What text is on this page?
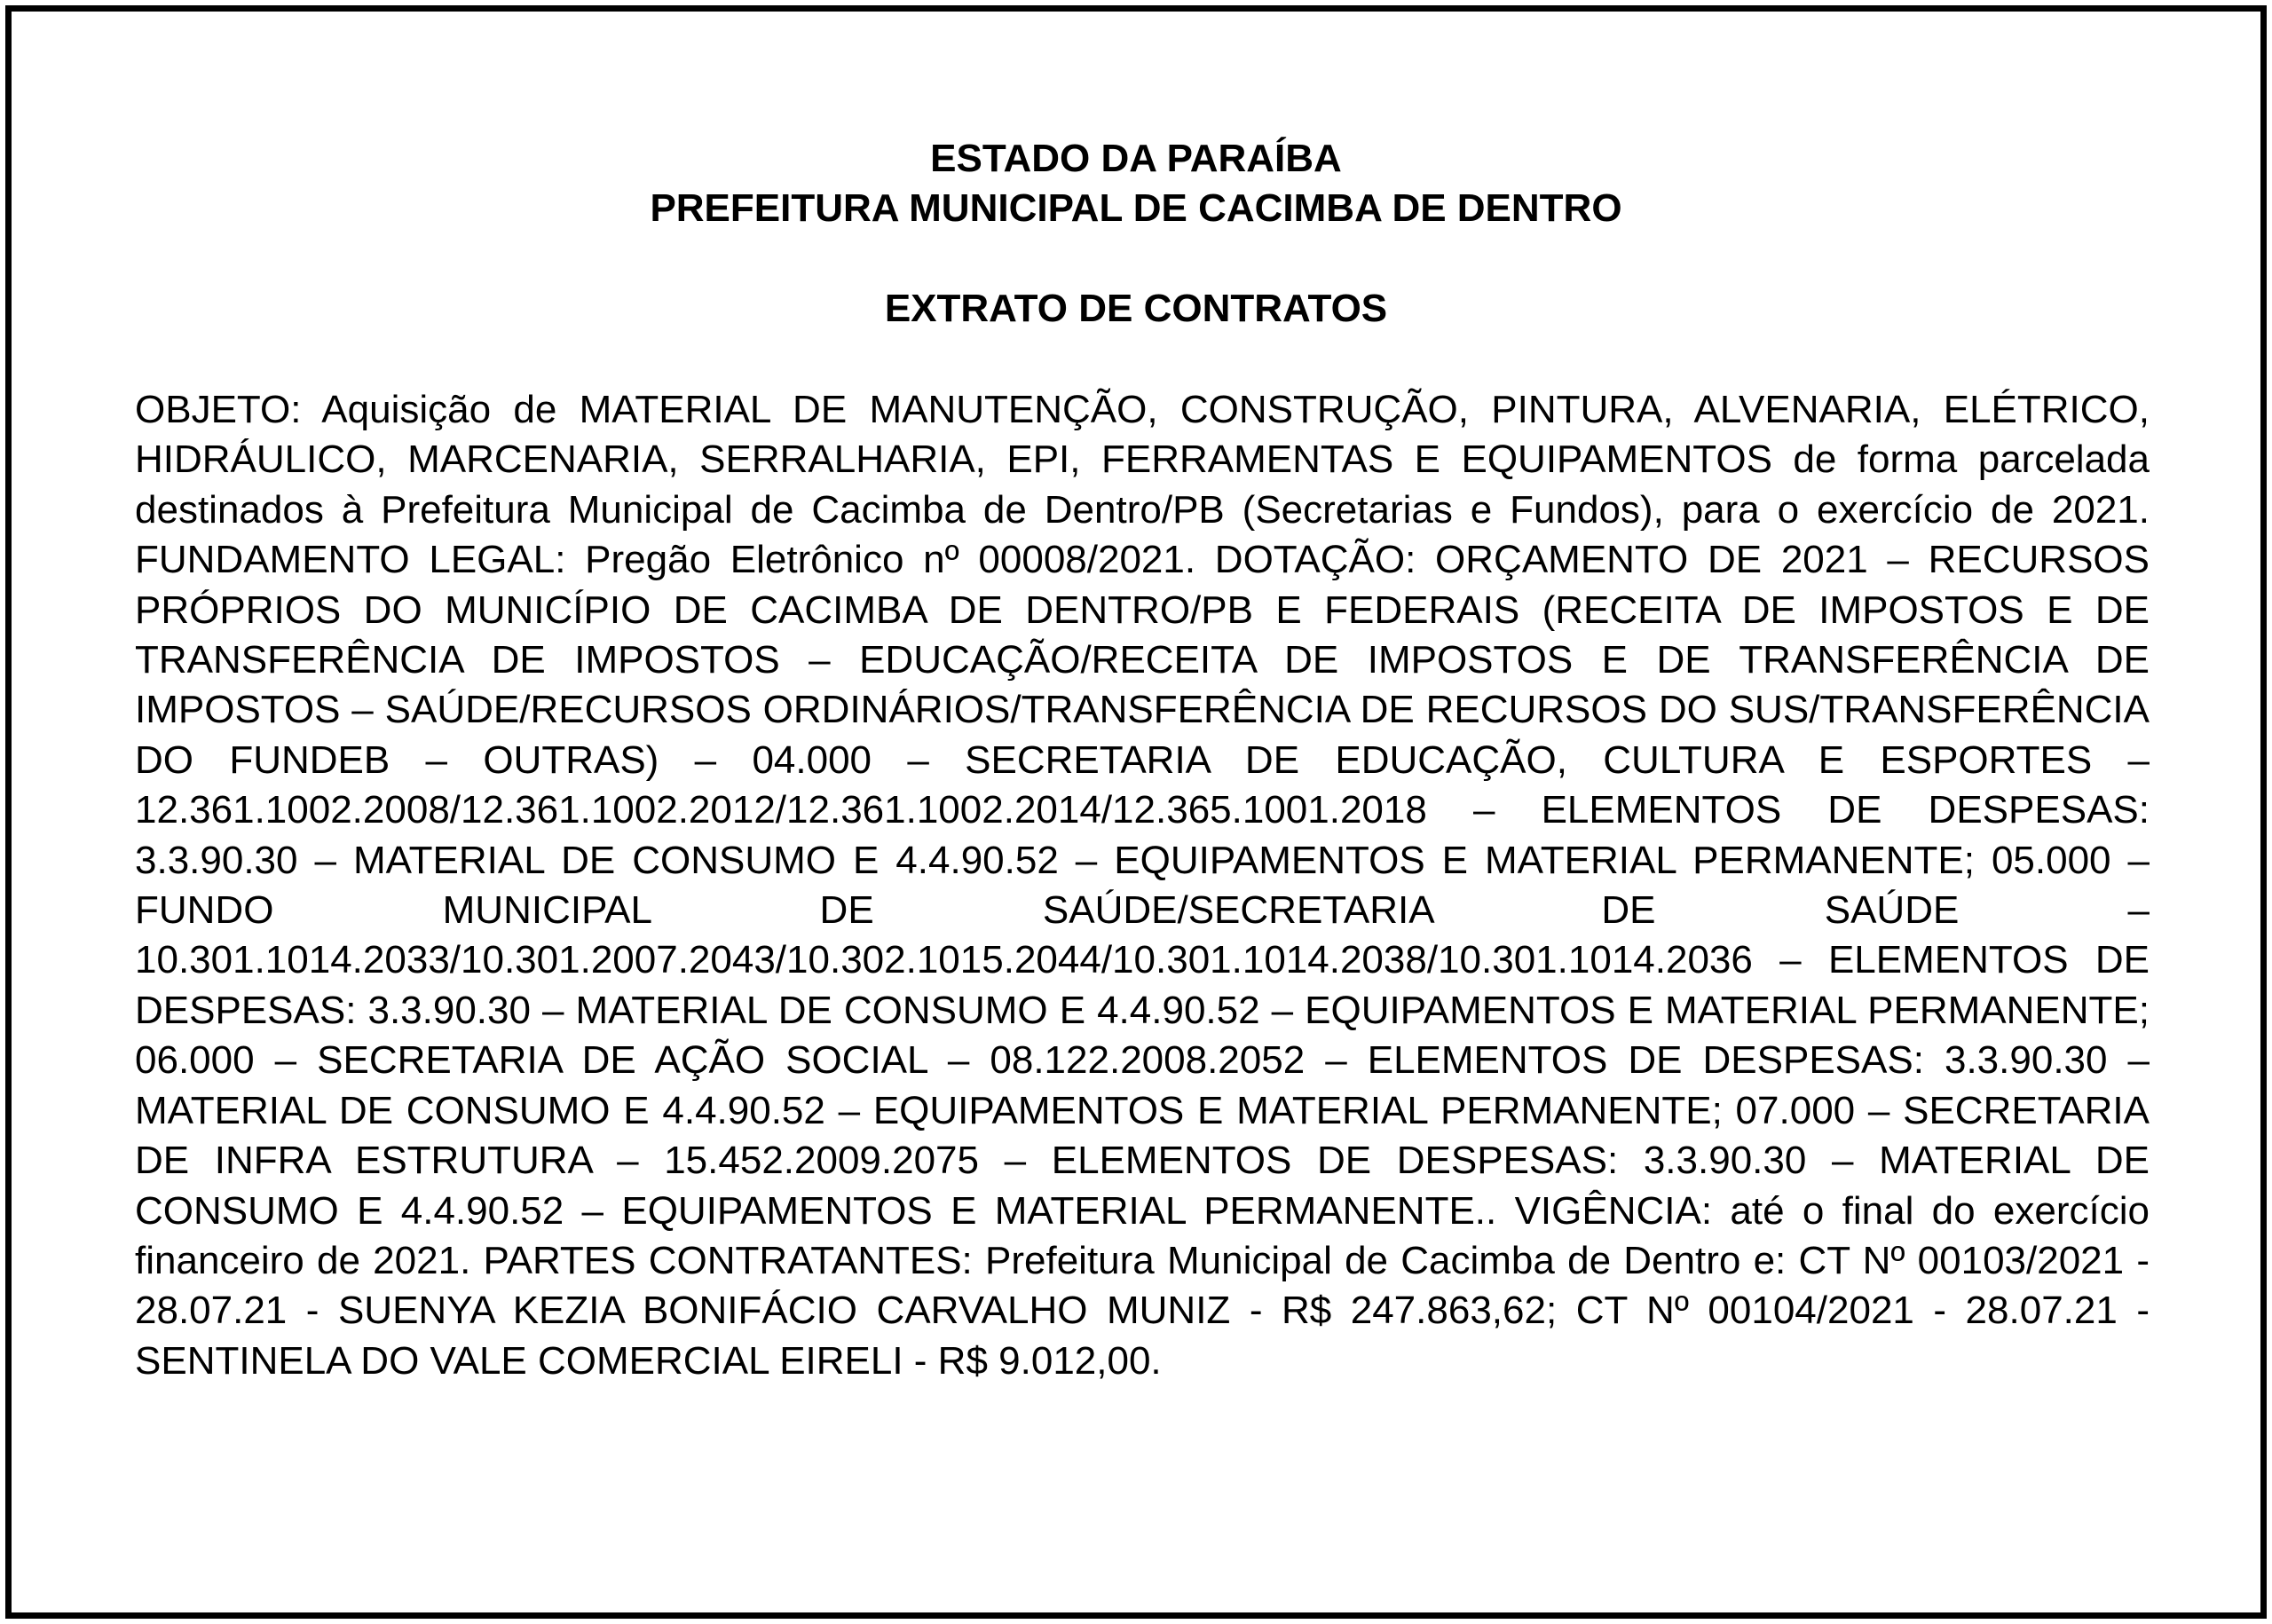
ESTADO DA PARAÍBA
PREFEITURA MUNICIPAL DE CACIMBA DE DENTRO
EXTRATO DE CONTRATOS

OBJETO: Aquisição de MATERIAL DE MANUTENÇÃO, CONSTRUÇÃO, PINTURA, ALVENARIA, ELÉTRICO, HIDRÁULICO, MARCENARIA, SERRALHARIA, EPI, FERRAMENTAS E EQUIPAMENTOS de forma parcelada destinados à Prefeitura Municipal de Cacimba de Dentro/PB (Secretarias e Fundos), para o exercício de 2021. FUNDAMENTO LEGAL: Pregão Eletrônico nº 00008/2021. DOTAÇÃO: ORÇAMENTO DE 2021 – RECURSOS PRÓPRIOS DO MUNICÍPIO DE CACIMBA DE DENTRO/PB E FEDERAIS (RECEITA DE IMPOSTOS E DE TRANSFERÊNCIA DE IMPOSTOS – EDUCAÇÃO/RECEITA DE IMPOSTOS E DE TRANSFERÊNCIA DE IMPOSTOS – SAÚDE/RECURSOS ORDINÁRIOS/TRANSFERÊNCIA DE RECURSOS DO SUS/TRANSFERÊNCIA DO FUNDEB – OUTRAS) – 04.000 – SECRETARIA DE EDUCAÇÃO, CULTURA E ESPORTES – 12.361.1002.2008/12.361.1002.2012/12.361.1002.2014/12.365.1001.2018 – ELEMENTOS DE DESPESAS: 3.3.90.30 – MATERIAL DE CONSUMO E 4.4.90.52 – EQUIPAMENTOS E MATERIAL PERMANENTE; 05.000 – FUNDO MUNICIPAL DE SAÚDE/SECRETARIA DE SAÚDE – 10.301.1014.2033/10.301.2007.2043/10.302.1015.2044/10.301.1014.2038/10.301.1014.2036 – ELEMENTOS DE DESPESAS: 3.3.90.30 – MATERIAL DE CONSUMO E 4.4.90.52 – EQUIPAMENTOS E MATERIAL PERMANENTE; 06.000 – SECRETARIA DE AÇÃO SOCIAL – 08.122.2008.2052 – ELEMENTOS DE DESPESAS: 3.3.90.30 – MATERIAL DE CONSUMO E 4.4.90.52 – EQUIPAMENTOS E MATERIAL PERMANENTE; 07.000 – SECRETARIA DE INFRA ESTRUTURA – 15.452.2009.2075 – ELEMENTOS DE DESPESAS: 3.3.90.30 – MATERIAL DE CONSUMO E 4.4.90.52 – EQUIPAMENTOS E MATERIAL PERMANENTE.. VIGÊNCIA: até o final do exercício financeiro de 2021. PARTES CONTRATANTES: Prefeitura Municipal de Cacimba de Dentro e: CT Nº 00103/2021 - 28.07.21 - SUENYA KEZIA BONIFÁCIO CARVALHO MUNIZ - R$ 247.863,62; CT Nº 00104/2021 - 28.07.21 - SENTINELA DO VALE COMERCIAL EIRELI - R$ 9.012,00.
